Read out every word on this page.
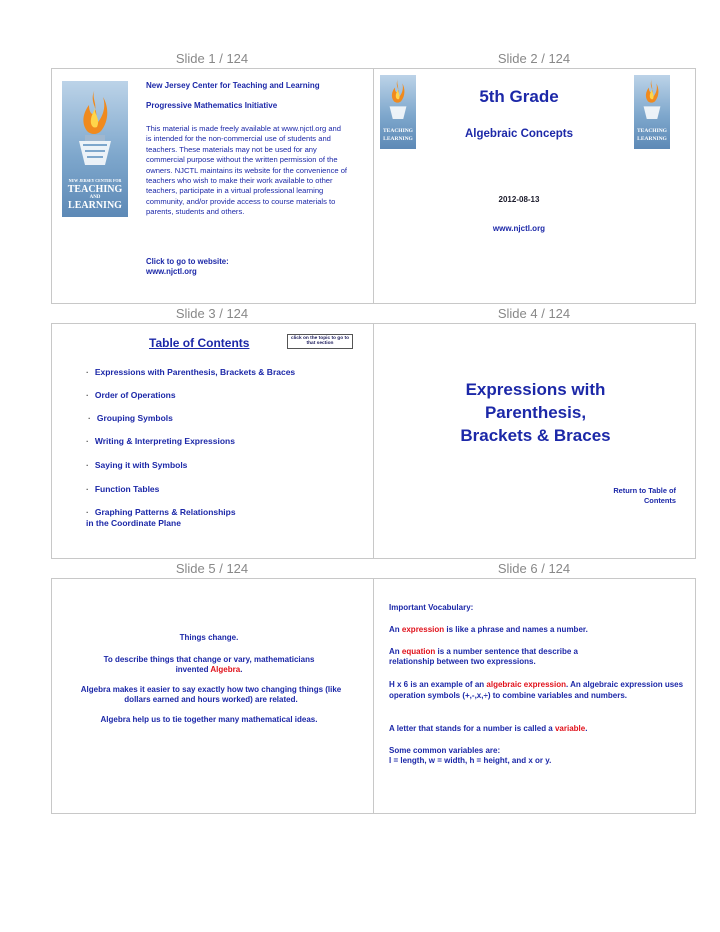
Slide 1 / 124	Slide 2 / 124
Slide 3 / 124	Slide 4 / 124
Slide 5 / 124	Slide 6 / 124
NEW JERSEY CENTER FOR
TEACHING
AND
LEARNING
New Jersey Center for Teaching and Learning
Progressive Mathematics Initiative
This material is made freely available at www.njctl.org and is intended for the non-commercial use of students and teachers. These materials may not be used for any commercial purpose without the written permission of the owners. NJCTL maintains its website for the convenience of teachers who wish to make their work available to other teachers, participate in a virtual professional learning community, and/or provide access to course materials to parents, students and others.
Click to go to website:
www.njctl.org
TEACHING
LEARNING
TEACHING
LEARNING
5th Grade
Algebraic Concepts
2012-08-13
www.njctl.org
Table of Contents	click on the topic to go to that section
· Expressions with Parenthesis, Brackets & Braces
· Order of Operations
· Grouping Symbols
· Writing & Interpreting Expressions
· Saying it with Symbols
· Function Tables
· Graphing Patterns & Relationships
in the Coordinate Plane
Expressions with
Parenthesis,
Brackets & Braces
Return to Table of Contents
Things change.
To describe things that change or vary, mathematicians
invented Algebra.
Algebra makes it easier to say exactly how two changing things (like dollars earned and hours worked) are related.
Algebra help us to tie together many mathematical ideas.
Important Vocabulary:
An expression is like a phrase and names a number.
An equation is a number sentence that describe a relationship between two expressions.
H x 6 is an example of an algebraic expression. An algebraic expression uses operation symbols (+,-,x,÷) to combine variables and numbers.
A letter that stands for a number is called a variable.
Some common variables are:
l = length, w = width, h = height, and x or y.
